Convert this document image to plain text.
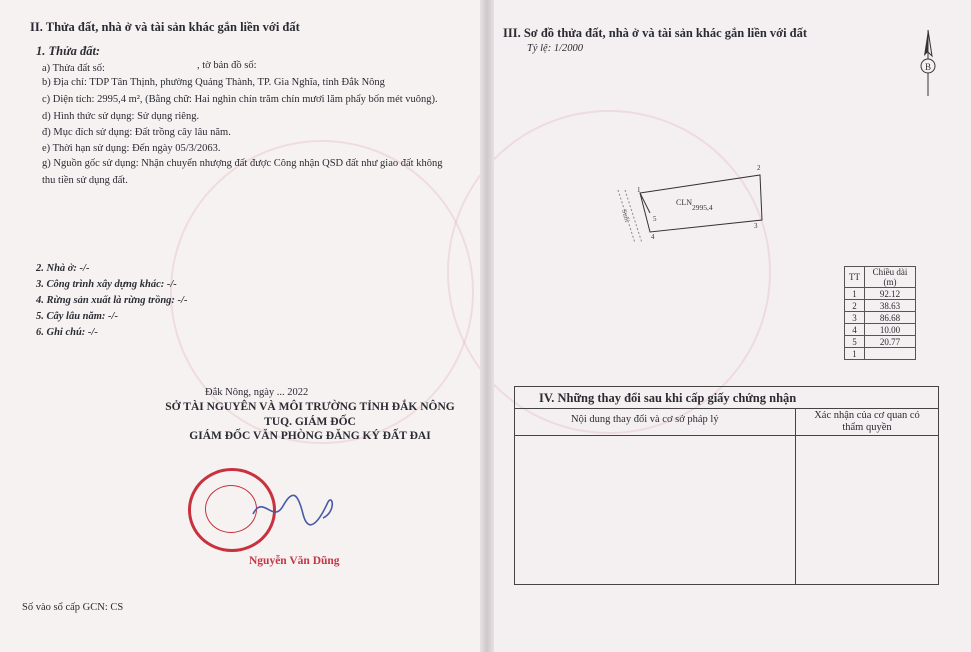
II. Thửa đất, nhà ở và tài sản khác gắn liền với đất
1. Thửa đất:
a) Thửa đất số:	, tờ bản đồ số:
b) Địa chỉ: TDP Tân Thịnh, phường Quảng Thành, TP. Gia Nghĩa, tỉnh Đắk Nông
c) Diện tích: 2995,4 m², (Bằng chữ: Hai nghìn chín trăm chín mươi lăm phẩy bốn mét vuông).
d) Hình thức sử dụng: Sử dụng riêng.
đ) Mục đích sử dụng: Đất trồng cây lâu năm.
e) Thời hạn sử dụng: Đến ngày 05/3/2063.
g) Nguồn gốc sử dụng: Nhận chuyển nhượng đất được Công nhận QSD đất như giao đất không
thu tiền sử dụng đất.
2. Nhà ở: -/-
3. Công trình xây dựng khác: -/-
4. Rừng sản xuất là rừng trồng: -/-
5. Cây lâu năm: -/-
6. Ghi chú: -/-
Đắk Nông, ngày ... 2022
SỞ TÀI NGUYÊN VÀ MÔI TRƯỜNG TỈNH ĐẮK NÔNG
TUQ. GIÁM ĐỐC
GIÁM ĐỐC VĂN PHÒNG ĐĂNG KÝ ĐẤT ĐAI
Nguyễn Văn Dũng
Số vào sổ cấp GCN: CS
III. Sơ đồ thửa đất, nhà ở và tài sản khác gắn liền với đất
Tỷ lệ: 1/2000
B
1
2
3
4
5
CLN
2995,4
Suối
TT	Chiều dài (m)
1	92.12
2	38.63
3	86.68
4	10.00
5	20.77
1	
IV. Những thay đổi sau khi cấp giấy chứng nhận
Nội dung thay đổi và cơ sở pháp lý	Xác nhận của cơ quan có thẩm quyền
